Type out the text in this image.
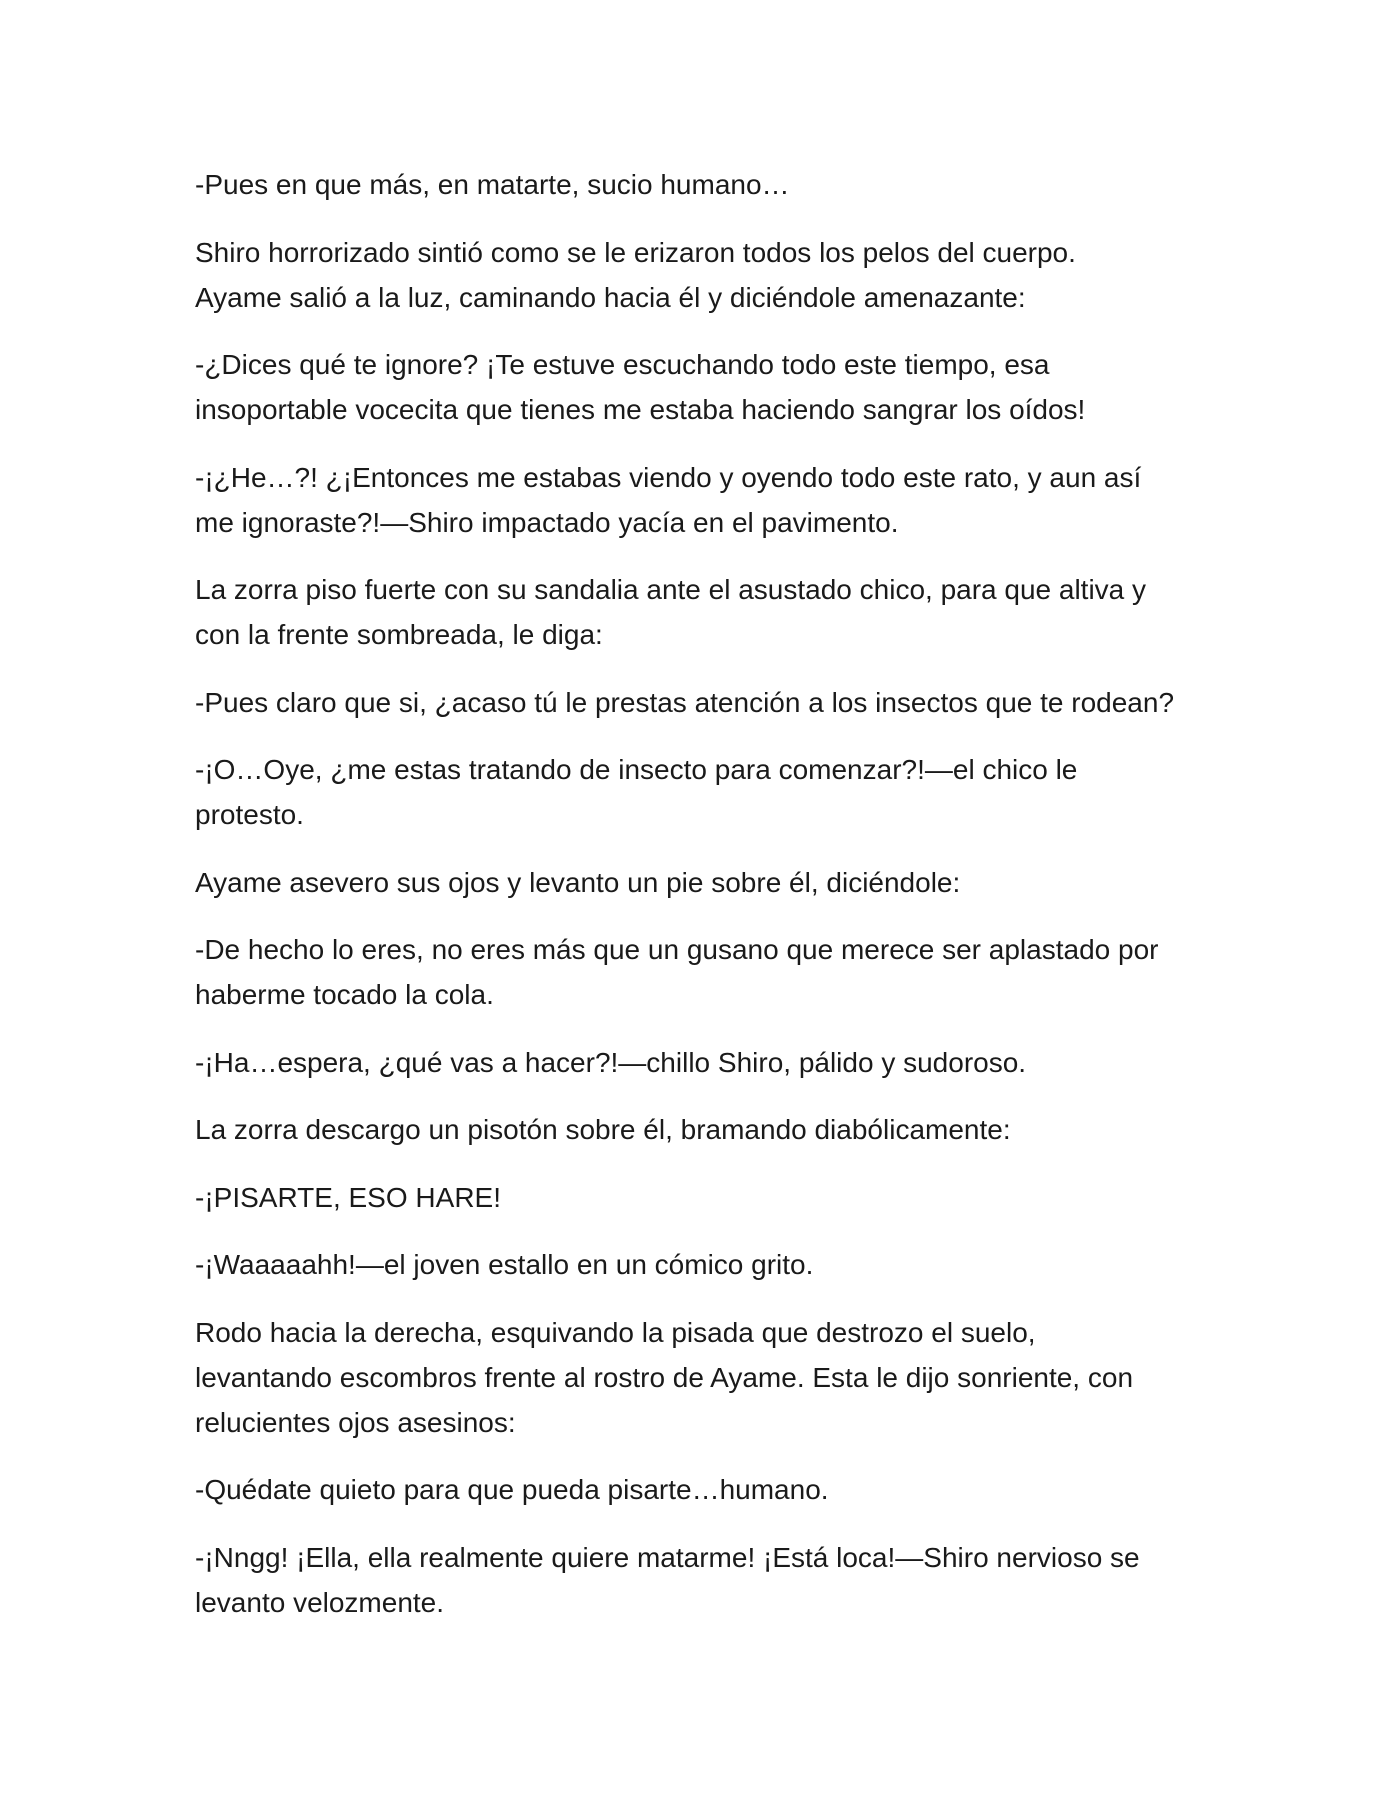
-Pues en que más, en matarte, sucio humano…

Shiro horrorizado sintió como se le erizaron todos los pelos del cuerpo.
Ayame salió a la luz, caminando hacia él y diciéndole amenazante:

-¿Dices qué te ignore? ¡Te estuve escuchando todo este tiempo, esa
insoportable vocecita que tienes me estaba haciendo sangrar los oídos!

-¡¿He…?! ¿¡Entonces me estabas viendo y oyendo todo este rato, y aun así
me ignoraste?!—Shiro impactado yacía en el pavimento.

La zorra piso fuerte con su sandalia ante el asustado chico, para que altiva y
con la frente sombreada, le diga:

-Pues claro que si, ¿acaso tú le prestas atención a los insectos que te rodean?

-¡O…Oye, ¿me estas tratando de insecto para comenzar?!—el chico le
protesto.

Ayame asevero sus ojos y levanto un pie sobre él, diciéndole:

-De hecho lo eres, no eres más que un gusano que merece ser aplastado por
haberme tocado la cola.

-¡Ha…espera, ¿qué vas a hacer?!—chillo Shiro, pálido y sudoroso.

La zorra descargo un pisotón sobre él, bramando diabólicamente:

-¡PISARTE, ESO HARE!

-¡Waaaaahh!—el joven estallo en un cómico grito.

Rodo hacia la derecha, esquivando la pisada que destrozo el suelo,
levantando escombros frente al rostro de Ayame. Esta le dijo sonriente, con
relucientes ojos asesinos:

-Quédate quieto para que pueda pisarte…humano.

-¡Nngg! ¡Ella, ella realmente quiere matarme! ¡Está loca!—Shiro nervioso se
levanto velozmente.
